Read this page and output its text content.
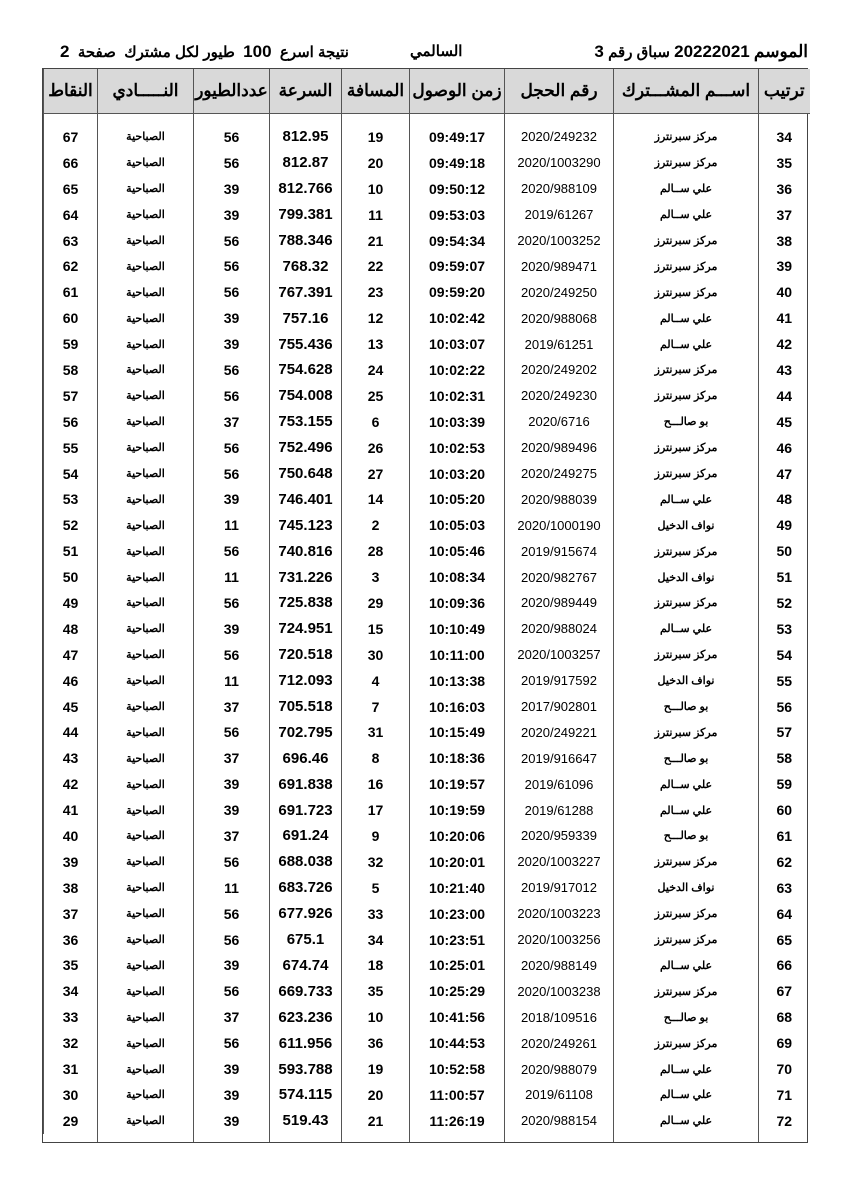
الموسم 20222021 سباق رقم 3
السالمي
نتيجة اسرع  100  طيور لكل مشترك  صفحة  2
ترتيب	اســـم المشـــترك	رقم الحجل	زمن الوصول	المسافة	السرعة	عددالطيور	النـــــادي	النقاط
34	مركز سبرنترز	2020/249232	09:49:17	19	812.95	56	الصباحية	67
35	مركز سبرنترز	2020/1003290	09:49:18	20	812.87	56	الصباحية	66
36	علي ســالم	2020/988109	09:50:12	10	812.766	39	الصباحية	65
37	علي ســالم	2019/61267	09:53:03	11	799.381	39	الصباحية	64
38	مركز سبرنترز	2020/1003252	09:54:34	21	788.346	56	الصباحية	63
39	مركز سبرنترز	2020/989471	09:59:07	22	768.32	56	الصباحية	62
40	مركز سبرنترز	2020/249250	09:59:20	23	767.391	56	الصباحية	61
41	علي ســالم	2020/988068	10:02:42	12	757.16	39	الصباحية	60
42	علي ســالم	2019/61251	10:03:07	13	755.436	39	الصباحية	59
43	مركز سبرنترز	2020/249202	10:02:22	24	754.628	56	الصباحية	58
44	مركز سبرنترز	2020/249230	10:02:31	25	754.008	56	الصباحية	57
45	بو صالـــح	2020/6716	10:03:39	6	753.155	37	الصباحية	56
46	مركز سبرنترز	2020/989496	10:02:53	26	752.496	56	الصباحية	55
47	مركز سبرنترز	2020/249275	10:03:20	27	750.648	56	الصباحية	54
48	علي ســالم	2020/988039	10:05:20	14	746.401	39	الصباحية	53
49	نواف الدخيل	2020/1000190	10:05:03	2	745.123	11	الصباحية	52
50	مركز سبرنترز	2019/915674	10:05:46	28	740.816	56	الصباحية	51
51	نواف الدخيل	2020/982767	10:08:34	3	731.226	11	الصباحية	50
52	مركز سبرنترز	2020/989449	10:09:36	29	725.838	56	الصباحية	49
53	علي ســالم	2020/988024	10:10:49	15	724.951	39	الصباحية	48
54	مركز سبرنترز	2020/1003257	10:11:00	30	720.518	56	الصباحية	47
55	نواف الدخيل	2019/917592	10:13:38	4	712.093	11	الصباحية	46
56	بو صالـــح	2017/902801	10:16:03	7	705.518	37	الصباحية	45
57	مركز سبرنترز	2020/249221	10:15:49	31	702.795	56	الصباحية	44
58	بو صالـــح	2019/916647	10:18:36	8	696.46	37	الصباحية	43
59	علي ســالم	2019/61096	10:19:57	16	691.838	39	الصباحية	42
60	علي ســالم	2019/61288	10:19:59	17	691.723	39	الصباحية	41
61	بو صالـــح	2020/959339	10:20:06	9	691.24	37	الصباحية	40
62	مركز سبرنترز	2020/1003227	10:20:01	32	688.038	56	الصباحية	39
63	نواف الدخيل	2019/917012	10:21:40	5	683.726	11	الصباحية	38
64	مركز سبرنترز	2020/1003223	10:23:00	33	677.926	56	الصباحية	37
65	مركز سبرنترز	2020/1003256	10:23:51	34	675.1	56	الصباحية	36
66	علي ســالم	2020/988149	10:25:01	18	674.74	39	الصباحية	35
67	مركز سبرنترز	2020/1003238	10:25:29	35	669.733	56	الصباحية	34
68	بو صالـــح	2018/109516	10:41:56	10	623.236	37	الصباحية	33
69	مركز سبرنترز	2020/249261	10:44:53	36	611.956	56	الصباحية	32
70	علي ســالم	2020/988079	10:52:58	19	593.788	39	الصباحية	31
71	علي ســالم	2019/61108	11:00:57	20	574.115	39	الصباحية	30
72	علي ســالم	2020/988154	11:26:19	21	519.43	39	الصباحية	29
